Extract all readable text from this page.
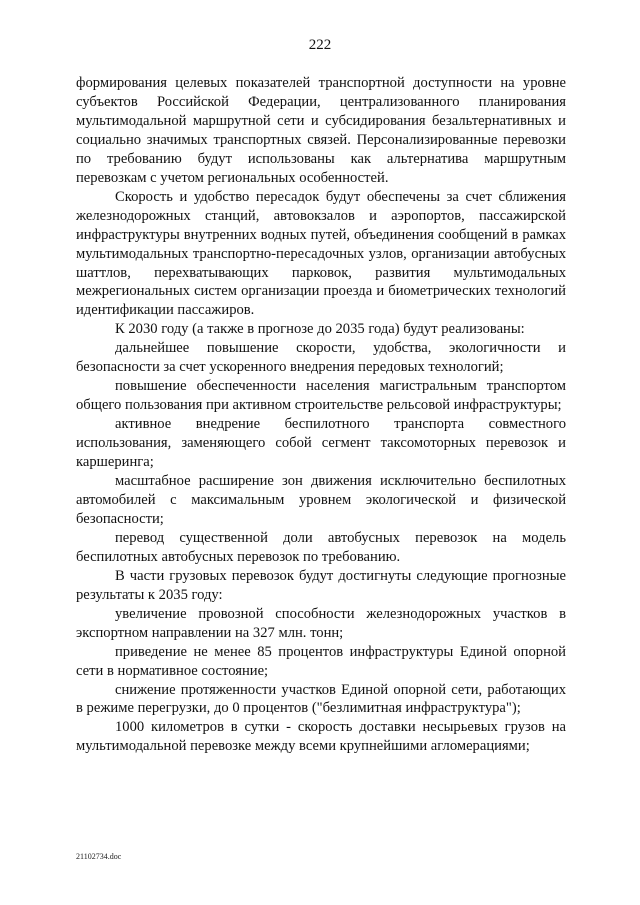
222

формирования целевых показателей транспортной доступности на уровне субъектов Российской Федерации, централизованного планирования мультимодальной маршрутной сети и субсидирования безальтернативных и социально значимых транспортных связей. Персонализированные перевозки по требованию будут использованы как альтернатива маршрутным перевозкам с учетом региональных особенностей.

Скорость и удобство пересадок будут обеспечены за счет сближения железнодорожных станций, автовокзалов и аэропортов, пассажирской инфраструктуры внутренних водных путей, объединения сообщений в рамках мультимодальных транспортно-пересадочных узлов, организации автобусных шаттлов, перехватывающих парковок, развития мультимодальных межрегиональных систем организации проезда и биометрических технологий идентификации пассажиров.

К 2030 году (а также в прогнозе до 2035 года) будут реализованы:

дальнейшее повышение скорости, удобства, экологичности и безопасности за счет ускоренного внедрения передовых технологий;

повышение обеспеченности населения магистральным транспортом общего пользования при активном строительстве рельсовой инфраструктуры;

активное внедрение беспилотного транспорта совместного использования, заменяющего собой сегмент таксомоторных перевозок и каршеринга;

масштабное расширение зон движения исключительно беспилотных автомобилей с максимальным уровнем экологической и физической безопасности;

перевод существенной доли автобусных перевозок на модель беспилотных автобусных перевозок по требованию.

В части грузовых перевозок будут достигнуты следующие прогнозные результаты к 2035 году:

увеличение провозной способности железнодорожных участков в экспортном направлении на 327 млн. тонн;

приведение не менее 85 процентов инфраструктуры Единой опорной сети в нормативное состояние;

снижение протяженности участков Единой опорной сети, работающих в режиме перегрузки, до 0 процентов ("безлимитная инфраструктура");

1000 километров в сутки - скорость доставки несырьевых грузов на мультимодальной перевозке между всеми крупнейшими агломерациями;

21102734.doc
